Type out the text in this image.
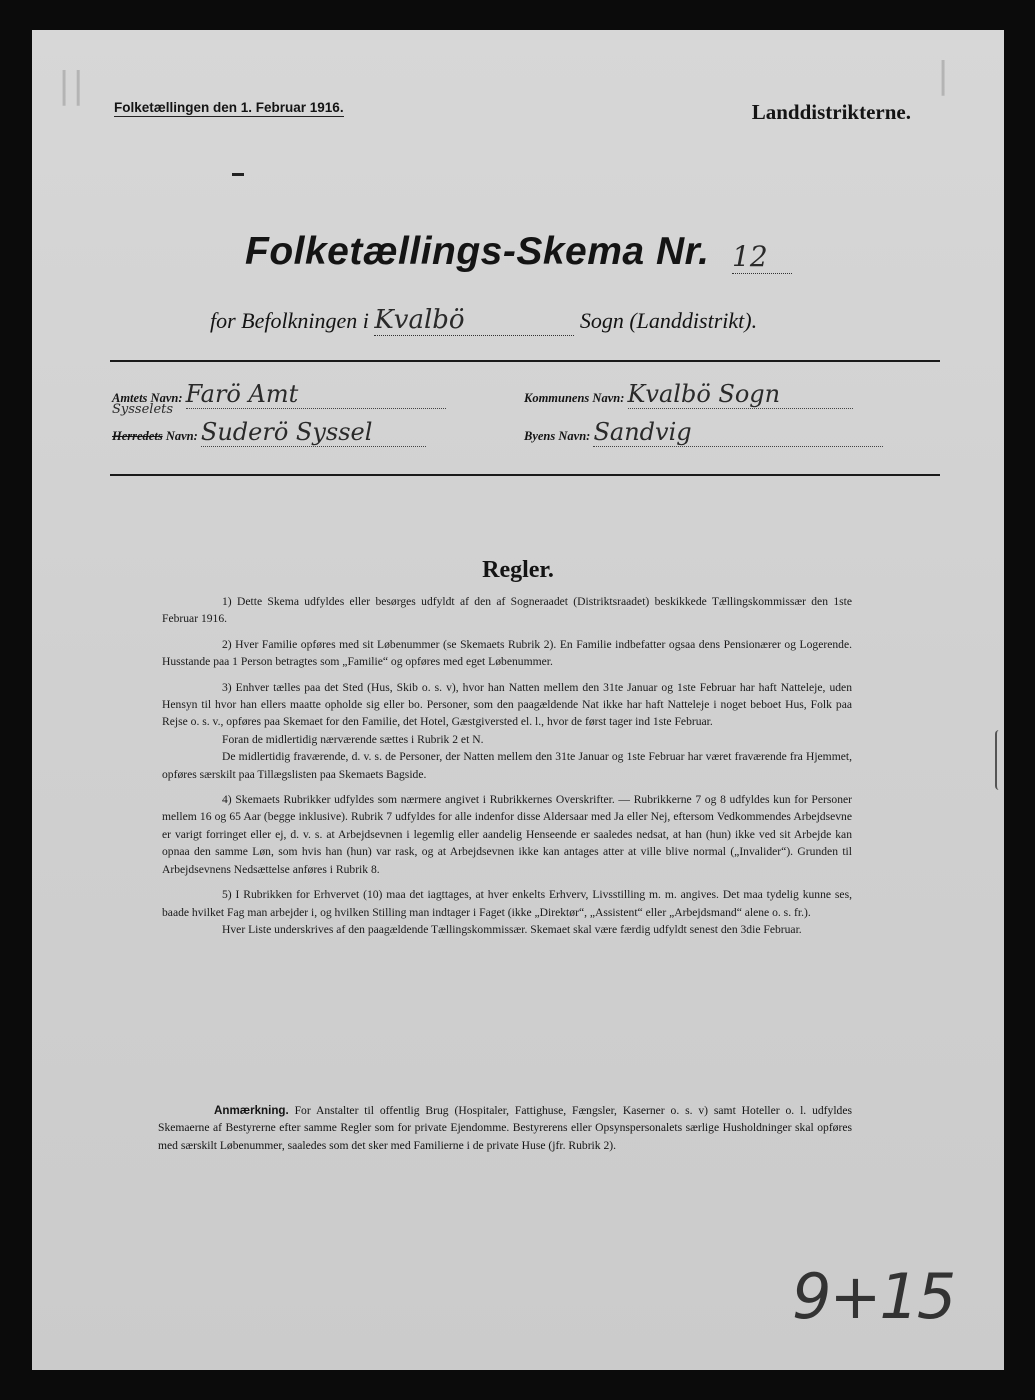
||	|
Folketællingen den 1. Februar 1916.	Landdistrikterne.
Folketællings-Skema Nr. 12
for Befolkningen i Kvalbö	Sogn (Landdistrikt).
Amtets Navn: Farö Amt	Kommunens Navn: Kvalbö Sogn
Sysselets
Herredets Navn: Suderö Syssel	Byens Navn: Sandvig
Regler.

1) Dette Skema udfyldes eller besørges udfyldt af den af Sogneraadet (Distriktsraadet) beskikkede Tællingskommissær den 1ste Februar 1916.

2) Hver Familie opføres med sit Løbenummer (se Skemaets Rubrik 2). En Familie indbefatter ogsaa dens Pensionærer og Logerende. Husstande paa 1 Person betragtes som „Familie“ og opføres med eget Løbenummer.

3) Enhver tælles paa det Sted (Hus, Skib o. s. v), hvor han Natten mellem den 31te Januar og 1ste Februar har haft Natteleje, uden Hensyn til hvor han ellers maatte opholde sig eller bo. Personer, som den paagældende Nat ikke har haft Natteleje i noget beboet Hus, Folk paa Rejse o. s. v., opføres paa Skemaet for den Familie, det Hotel, Gæstgiversted el. l., hvor de først tager ind 1ste Februar.

Foran de midlertidig nærværende sættes i Rubrik 2 et N.

De midlertidig fraværende, d. v. s. de Personer, der Natten mellem den 31te Januar og 1ste Februar har været fraværende fra Hjemmet, opføres særskilt paa Tillægslisten paa Skemaets Bagside.

4) Skemaets Rubrikker udfyldes som nærmere angivet i Rubrikkernes Overskrifter. — Rubrikkerne 7 og 8 udfyldes kun for Personer mellem 16 og 65 Aar (begge inklusive). Rubrik 7 udfyldes for alle indenfor disse Aldersaar med Ja eller Nej, eftersom Vedkommendes Arbejdsevne er varigt forringet eller ej, d. v. s. at Arbejdsevnen i legemlig eller aandelig Henseende er saaledes nedsat, at han (hun) ikke ved sit Arbejde kan opnaa den samme Løn, som hvis han (hun) var rask, og at Arbejdsevnen ikke kan antages atter at ville blive normal („Invalider“). Grunden til Arbejdsevnens Nedsættelse anføres i Rubrik 8.

5) I Rubrikken for Erhvervet (10) maa det iagttages, at hver enkelts Erhverv, Livsstilling m. m. angives. Det maa tydelig kunne ses, baade hvilket Fag man arbejder i, og hvilken Stilling man indtager i Faget (ikke „Direktør“, „Assistent“ eller „Arbejdsmand“ alene o. s. fr.).

Hver Liste underskrives af den paagældende Tællingskommissær. Skemaet skal være færdig udfyldt senest den 3die Februar.

Anmærkning. For Anstalter til offentlig Brug (Hospitaler, Fattighuse, Fængsler, Kaserner o. s. v) samt Hoteller o. l. udfyldes Skemaerne af Bestyrerne efter samme Regler som for private Ejendomme. Bestyrerens eller Opsynspersonalets særlige Husholdninger skal opføres med særskilt Løbenummer, saaledes som det sker med Familierne i de private Huse (jfr. Rubrik 2).
9+15
